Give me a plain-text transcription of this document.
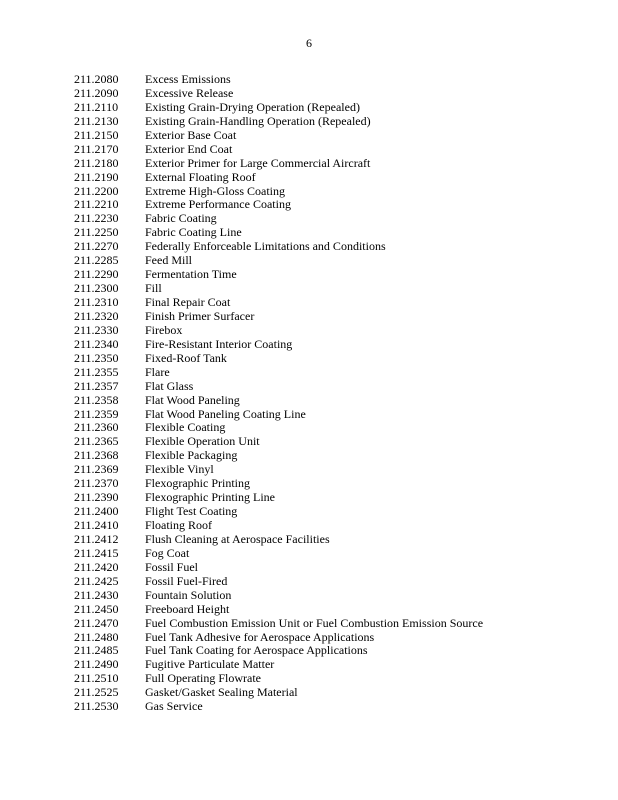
6
211.2080	Excess Emissions
211.2090	Excessive Release
211.2110	Existing Grain-Drying Operation (Repealed)
211.2130	Existing Grain-Handling Operation (Repealed)
211.2150	Exterior Base Coat
211.2170	Exterior End Coat
211.2180	Exterior Primer for Large Commercial Aircraft
211.2190	External Floating Roof
211.2200	Extreme High-Gloss Coating
211.2210	Extreme Performance Coating
211.2230	Fabric Coating
211.2250	Fabric Coating Line
211.2270	Federally Enforceable Limitations and Conditions
211.2285	Feed Mill
211.2290	Fermentation Time
211.2300	Fill
211.2310	Final Repair Coat
211.2320	Finish Primer Surfacer
211.2330	Firebox
211.2340	Fire-Resistant Interior Coating
211.2350	Fixed-Roof Tank
211.2355	Flare
211.2357	Flat Glass
211.2358	Flat Wood Paneling
211.2359	Flat Wood Paneling Coating Line
211.2360	Flexible Coating
211.2365	Flexible Operation Unit
211.2368	Flexible Packaging
211.2369	Flexible Vinyl
211.2370	Flexographic Printing
211.2390	Flexographic Printing Line
211.2400	Flight Test Coating
211.2410	Floating Roof
211.2412	Flush Cleaning at Aerospace Facilities
211.2415	Fog Coat
211.2420	Fossil Fuel
211.2425	Fossil Fuel-Fired
211.2430	Fountain Solution
211.2450	Freeboard Height
211.2470	Fuel Combustion Emission Unit or Fuel Combustion Emission Source
211.2480	Fuel Tank Adhesive for Aerospace Applications
211.2485	Fuel Tank Coating for Aerospace Applications
211.2490	Fugitive Particulate Matter
211.2510	Full Operating Flowrate
211.2525	Gasket/Gasket Sealing Material
211.2530	Gas Service
